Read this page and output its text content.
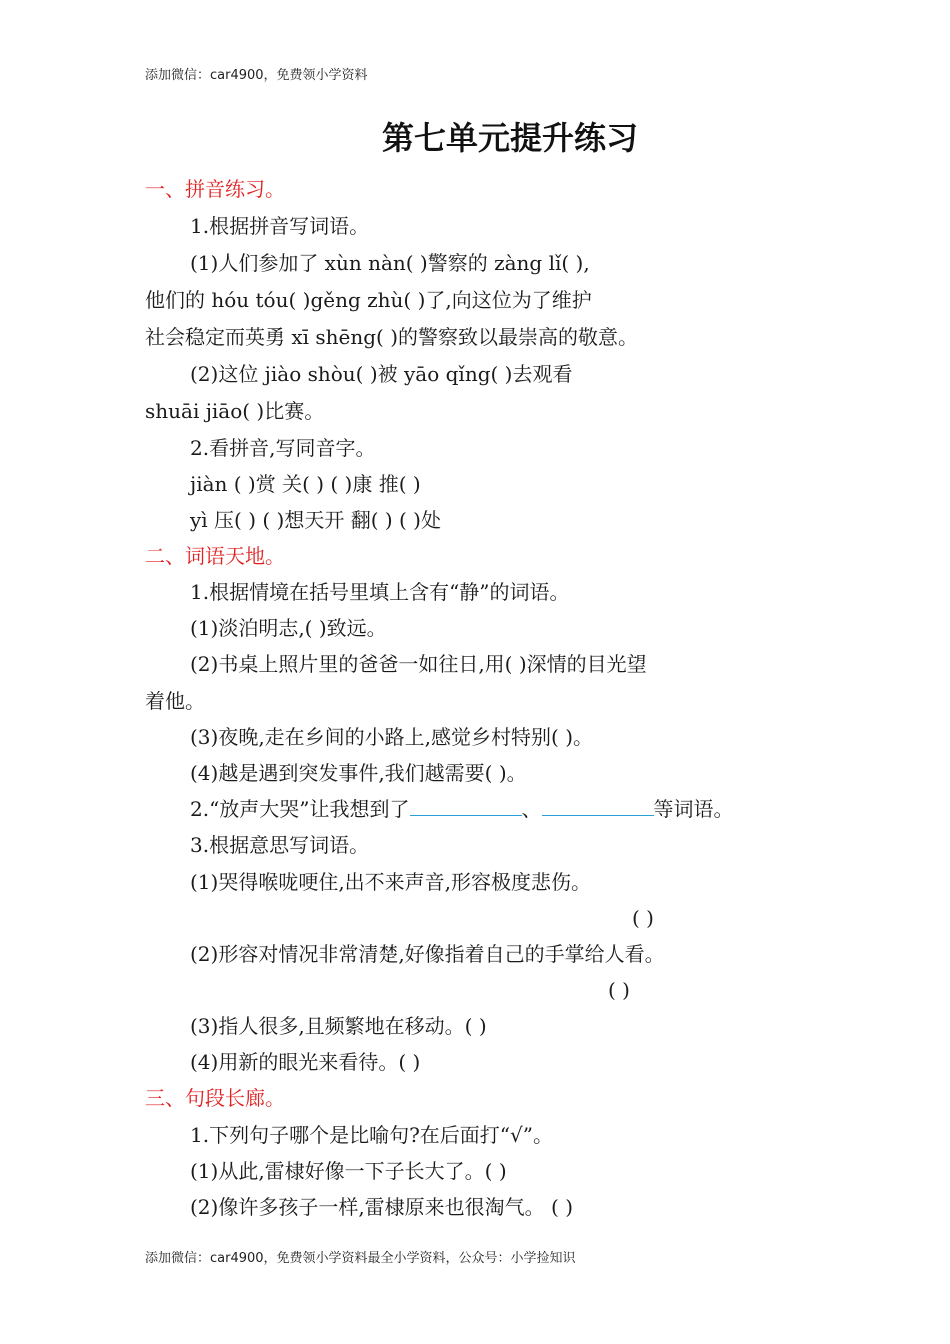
添加微信：car4900，免费领小学资料
第七单元提升练习
一、拼音练习。
1.根据拼音写词语。
(1)人们参加了 xùn nàn( )警察的 zàng lǐ( ),
他们的 hóu tóu( )gěng zhù( )了,向这位为了维护
社会稳定而英勇 xī shēng( )的警察致以最崇高的敬意。
(2)这位 jiào shòu( )被 yāo qǐng( )去观看
shuāi jiāo( )比赛。
2.看拼音,写同音字。
jiàn ( )赏 关( ) ( )康 推( )
yì 压( ) ( )想天开 翻( ) ( )处
二、词语天地。
1.根据情境在括号里填上含有“静”的词语。
(1)淡泊明志,( )致远。
(2)书桌上照片里的爸爸一如往日,用( )深情的目光望
着他。
(3)夜晚,走在乡间的小路上,感觉乡村特别( )。
(4)越是遇到突发事件,我们越需要( )。
3.根据意思写词语。
(1)哭得喉咙哽住,出不来声音,形容极度悲伤。
( )
(2)形容对情况非常清楚,好像指着自己的手掌给人看。
( )
(3)指人很多,且频繁地在移动。( )
(4)用新的眼光来看待。( )
三、句段长廊。
1.下列句子哪个是比喻句?在后面打“√”。
(1)从此,雷棣好像一下子长大了。( )
(2)像许多孩子一样,雷棣原来也很淘气。 ( )
2.“放声大哭”让我想到了	、	等词语。
添加微信：car4900，免费领小学资料最全小学资料，公众号：小学捡知识
